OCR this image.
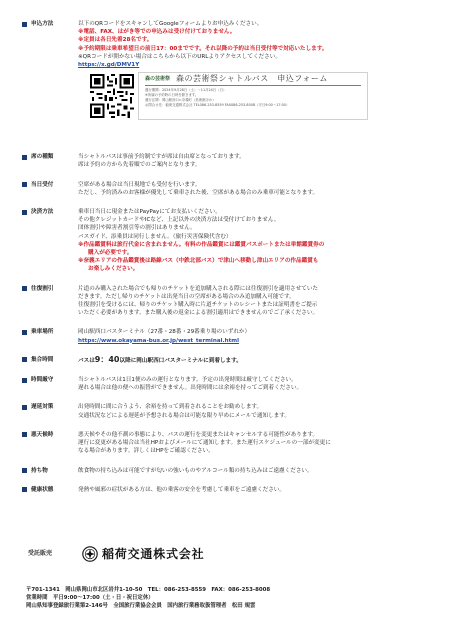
申込方法	以下のQRコードをスキャンしてGoogleフォームよりお申込みください。

※電話、FAX、はがき等での申込みは受け付けておりません。

※定員は各日先着28名です。

※予約期限は乗車希望日の前日17：00までです。それ以降の予約は当日受付等で対応いたします。

※QRコードが開かない場合はこちらから以下のURLよりアクセスしてください。

https://x.gd/DMV1Y

森の芸術祭 森の芸術祭シャトルバス　申込フォーム
運行期間：2024年9月28日（土）〜11月24日（日）
※所属の予約時の日時を除きます。
運行区間：岡山駅西口⇔奈義町（美術館ほか）
お問合せ先：稲荷交通株式会社 TEL086-253-8559 FAX086-253-8008（平日9:00〜17:00）
席の種類	当シャトルバスは事前予約制ですが席は自由席となっております。

席は予約の方から先着順でのご案内となります。

当日受付	空席がある場合は当日現地でも受付を行います。

ただし、予約済みのお客様が優先して乗車された後、空席がある場合のみ乗車可能となります。

決済方法	乗車日当日に現金またはPayPayにてお支払いください。

その他クレジットカードやICなど、上記以外の決済方法は受付けておりません。

団体割引や障害者割引等の割引はありません。

バスガイド、添乗員は同行しません。（旅行災害保険代含む）

※作品鑑賞料は旅行代金に含まれません。有料の作品鑑賞には鑑賞パスポートまたは単館鑑賞券の

購入が必要です。

※奈義エリアの作品鑑賞後は路線バス（中鉄北部バス）で津山へ移動し津山エリアの作品鑑賞も

お楽しみください。

往復割引	片道のみ購入された場合でも帰りのチケットを追加購入される際には往復割引を適用させていた

だきます。ただし帰りのチケットは出発当日の空席がある場合のみ追加購入可能です。

往復割引を受けるには、帰りのチケット購入時に片道チケットのレシートまたは証明書をご提示

いただく必要があります。また購入後の返金による割引適用はできませんのでご了承ください。

乗車場所	岡山駅西口バスターミナル（27番・28番・29番乗り場のいずれか）

https://www.okayama-bus.or.jp/west_terminal.html

集合時間	バスは9：40以降に岡山駅西口バスターミナルに到着します。

時間厳守	当シャトルバスは1日1便のみの運行となります。予定の出発時間は厳守してください。

遅れる場合は他の便への振替ができません。出発時間には余裕を持ってご到着ください。

遅延対策	出発時間に間に合うよう、余裕を持って到着されることをお勧めします。

交通状況などによる遅延が予想される場合は可能な限り早めにメールで通知します。

悪天候時	悪天候やその他不測の事態により、バスの運行を変更またはキャンセルする可能性があります。

運行に変更がある場合は当社HPおよびメールにて通知します。また運行スケジュールの一部が変更に

なる場合があります。詳しくはHPをご確認ください。

持ち物	飲食物の持ち込みは可能ですが匂いの強いものやアルコール類の持ち込みはご遠慮ください。

健康状態	発熱や風邪の症状がある方は、他の乗客の安全を考慮して乗車をご遠慮ください。

受託販売	稲荷交通株式会社
〒701-1341　岡山県岡山市北区岩井1-10-50　TEL：086-253-8559　FAX：086-253-8008
営業時間　平日9:00〜17:00（土・日・祝日定休）
岡山県知事登録旅行業第2-146号　全国旅行業協会会員　国内旅行業務取扱管理者　松田 規雲
